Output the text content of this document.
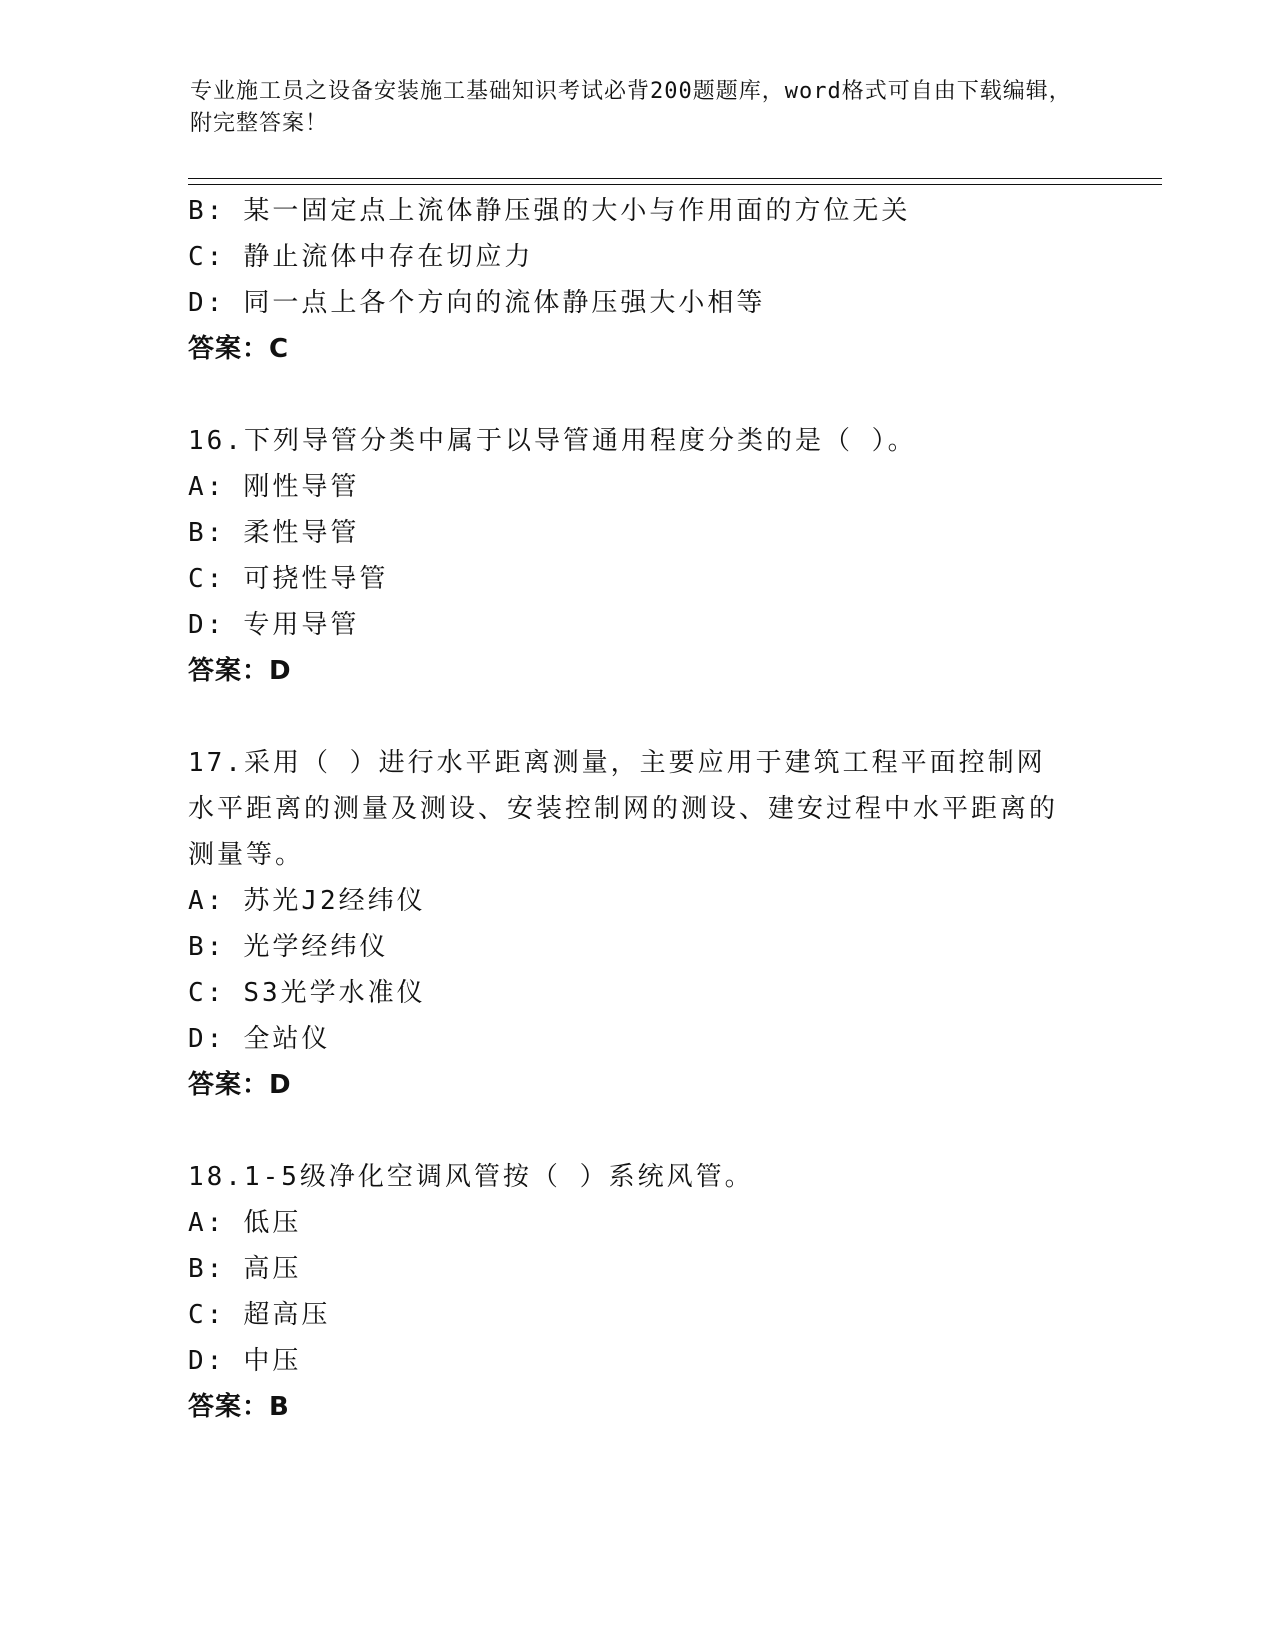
专业施工员之设备安装施工基础知识考试必背200题题库，word格式可自由下载编辑，附完整答案！
B: 某一固定点上流体静压强的大小与作用面的方位无关
C: 静止流体中存在切应力
D: 同一点上各个方向的流体静压强大小相等
答案：C
16.下列导管分类中属于以导管通用程度分类的是（ ）。
A: 刚性导管
B: 柔性导管
C: 可挠性导管
D: 专用导管
答案：D
17.采用（ ）进行水平距离测量，主要应用于建筑工程平面控制网水平距离的测量及测设、安装控制网的测设、建安过程中水平距离的测量等。
A: 苏光J2经纬仪
B: 光学经纬仪
C: S3光学水准仪
D: 全站仪
答案：D
18.1-5级净化空调风管按（ ）系统风管。
A: 低压
B: 高压
C: 超高压
D: 中压
答案：B
